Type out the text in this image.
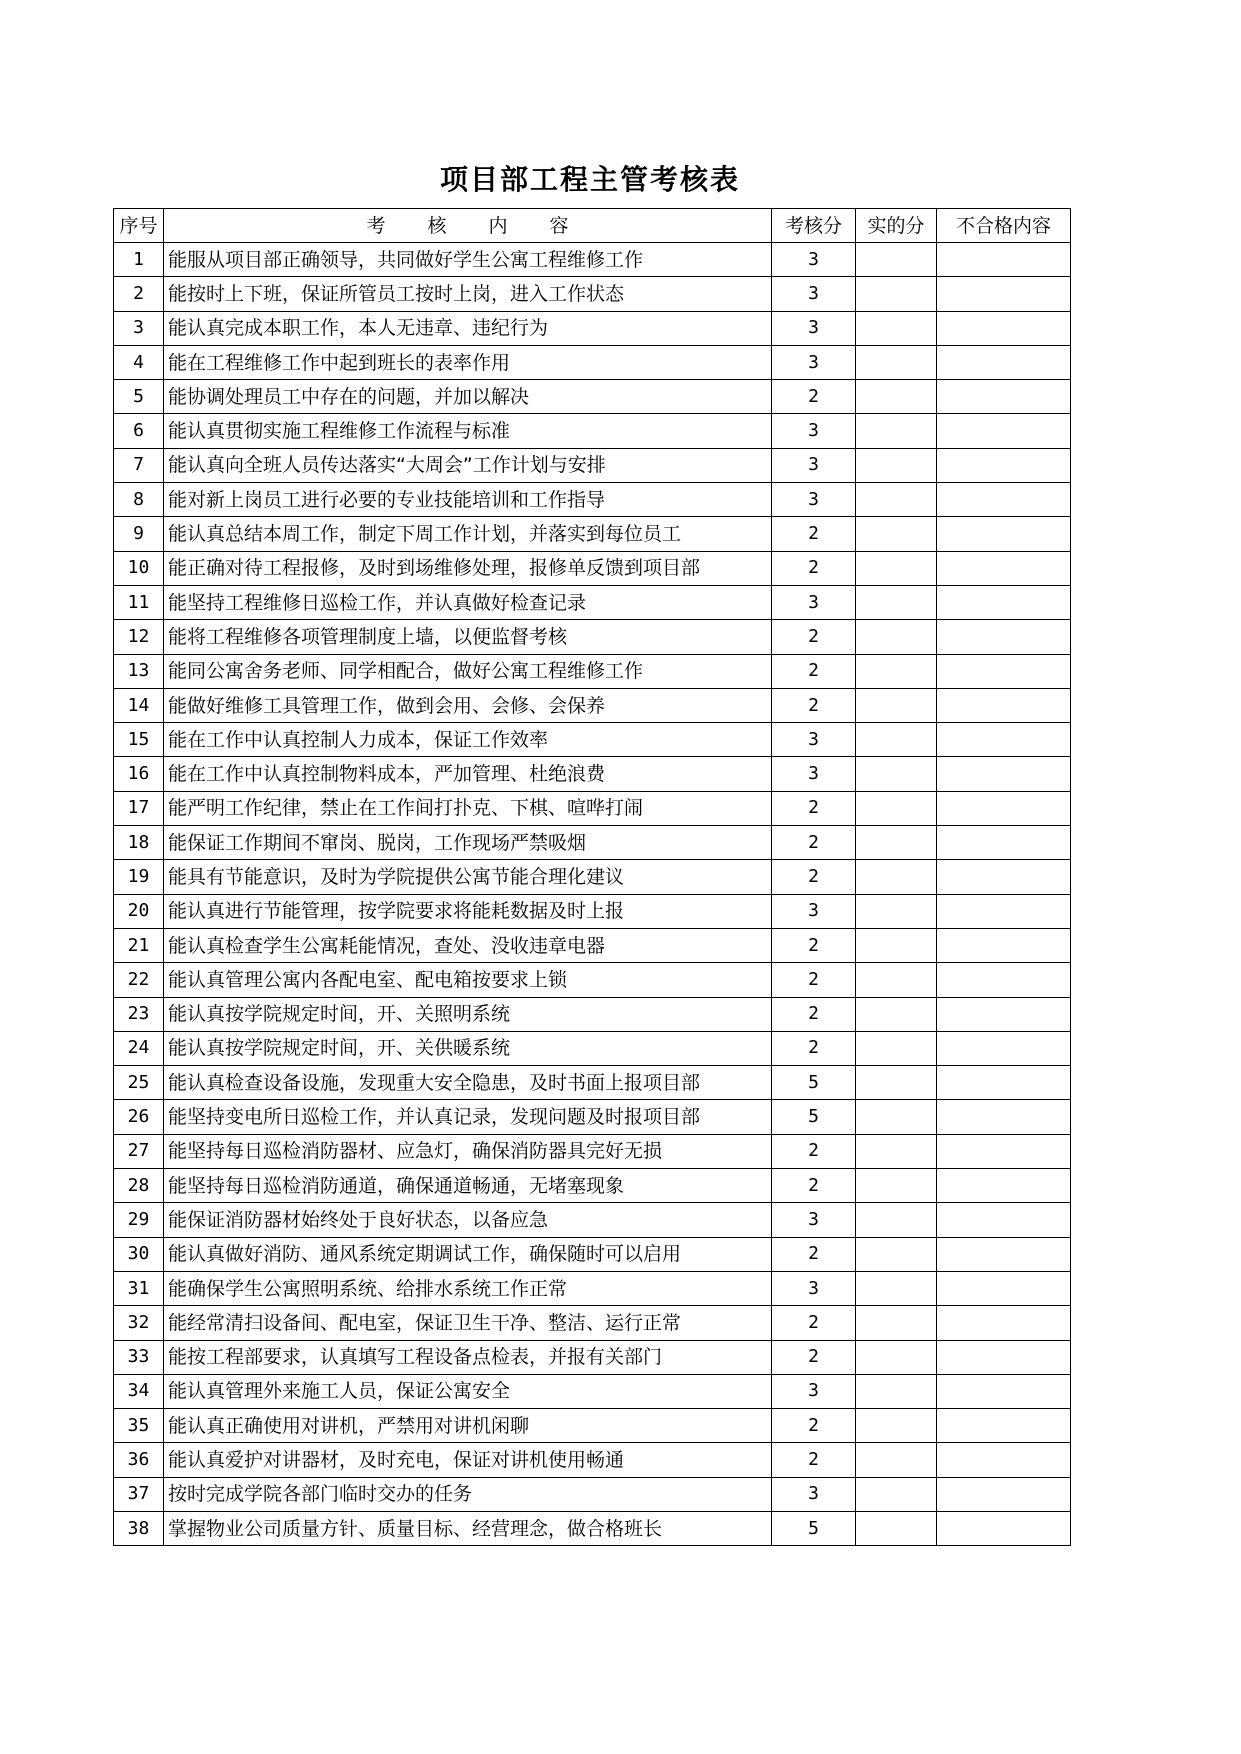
项目部工程主管考核表
序号	考 核 内 容	考核分	实的分	不合格内容
1	能服从项目部正确领导，共同做好学生公寓工程维修工作	3		
2	能按时上下班，保证所管员工按时上岗，进入工作状态	3		
3	能认真完成本职工作，本人无违章、违纪行为	3		
4	能在工程维修工作中起到班长的表率作用	3		
5	能协调处理员工中存在的问题，并加以解决	2		
6	能认真贯彻实施工程维修工作流程与标准	3		
7	能认真向全班人员传达落实“大周会”工作计划与安排	3		
8	能对新上岗员工进行必要的专业技能培训和工作指导	3		
9	能认真总结本周工作，制定下周工作计划，并落实到每位员工	2		
10	能正确对待工程报修，及时到场维修处理，报修单反馈到项目部	2		
11	能坚持工程维修日巡检工作，并认真做好检查记录	3		
12	能将工程维修各项管理制度上墙，以便监督考核	2		
13	能同公寓舍务老师、同学相配合，做好公寓工程维修工作	2		
14	能做好维修工具管理工作，做到会用、会修、会保养	2		
15	能在工作中认真控制人力成本，保证工作效率	3		
16	能在工作中认真控制物料成本，严加管理、杜绝浪费	3		
17	能严明工作纪律，禁止在工作间打扑克、下棋、喧哗打闹	2		
18	能保证工作期间不窜岗、脱岗，工作现场严禁吸烟	2		
19	能具有节能意识，及时为学院提供公寓节能合理化建议	2		
20	能认真进行节能管理，按学院要求将能耗数据及时上报	3		
21	能认真检查学生公寓耗能情况，查处、没收违章电器	2		
22	能认真管理公寓内各配电室、配电箱按要求上锁	2		
23	能认真按学院规定时间，开、关照明系统	2		
24	能认真按学院规定时间，开、关供暖系统	2		
25	能认真检查设备设施，发现重大安全隐患，及时书面上报项目部	5		
26	能坚持变电所日巡检工作，并认真记录，发现问题及时报项目部	5		
27	能坚持每日巡检消防器材、应急灯，确保消防器具完好无损	2		
28	能坚持每日巡检消防通道，确保通道畅通，无堵塞现象	2		
29	能保证消防器材始终处于良好状态，以备应急	3		
30	能认真做好消防、通风系统定期调试工作，确保随时可以启用	2		
31	能确保学生公寓照明系统、给排水系统工作正常	3		
32	能经常清扫设备间、配电室，保证卫生干净、整洁、运行正常	2		
33	能按工程部要求，认真填写工程设备点检表，并报有关部门	2		
34	能认真管理外来施工人员，保证公寓安全	3		
35	能认真正确使用对讲机，严禁用对讲机闲聊	2		
36	能认真爱护对讲器材，及时充电，保证对讲机使用畅通	2		
37	按时完成学院各部门临时交办的任务	3		
38	掌握物业公司质量方针、质量目标、经营理念，做合格班长	5		
